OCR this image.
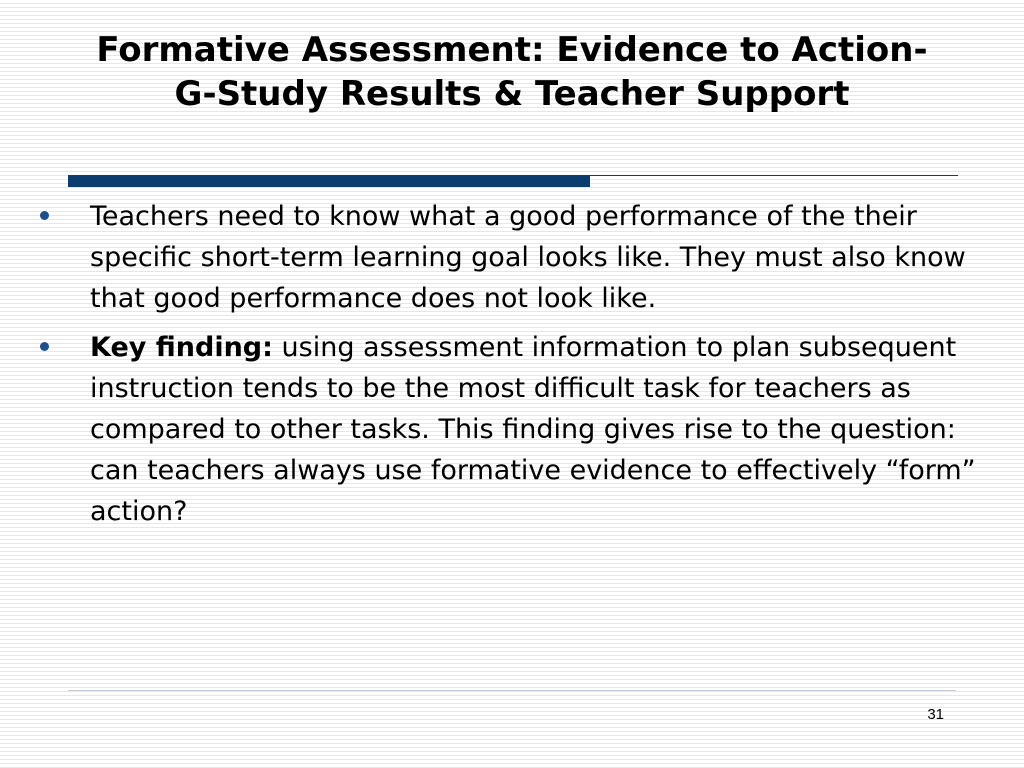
Formative Assessment: Evidence to Action-
G-Study Results & Teacher Support
Teachers need to know what a good performance of the their specific short-term learning goal looks like. They must also know that good performance does not look like.
Key finding: using assessment information to plan subsequent instruction tends to be the most difficult task for teachers as compared to other tasks. This finding gives rise to the question: can teachers always use formative evidence to effectively “form” action?
31
